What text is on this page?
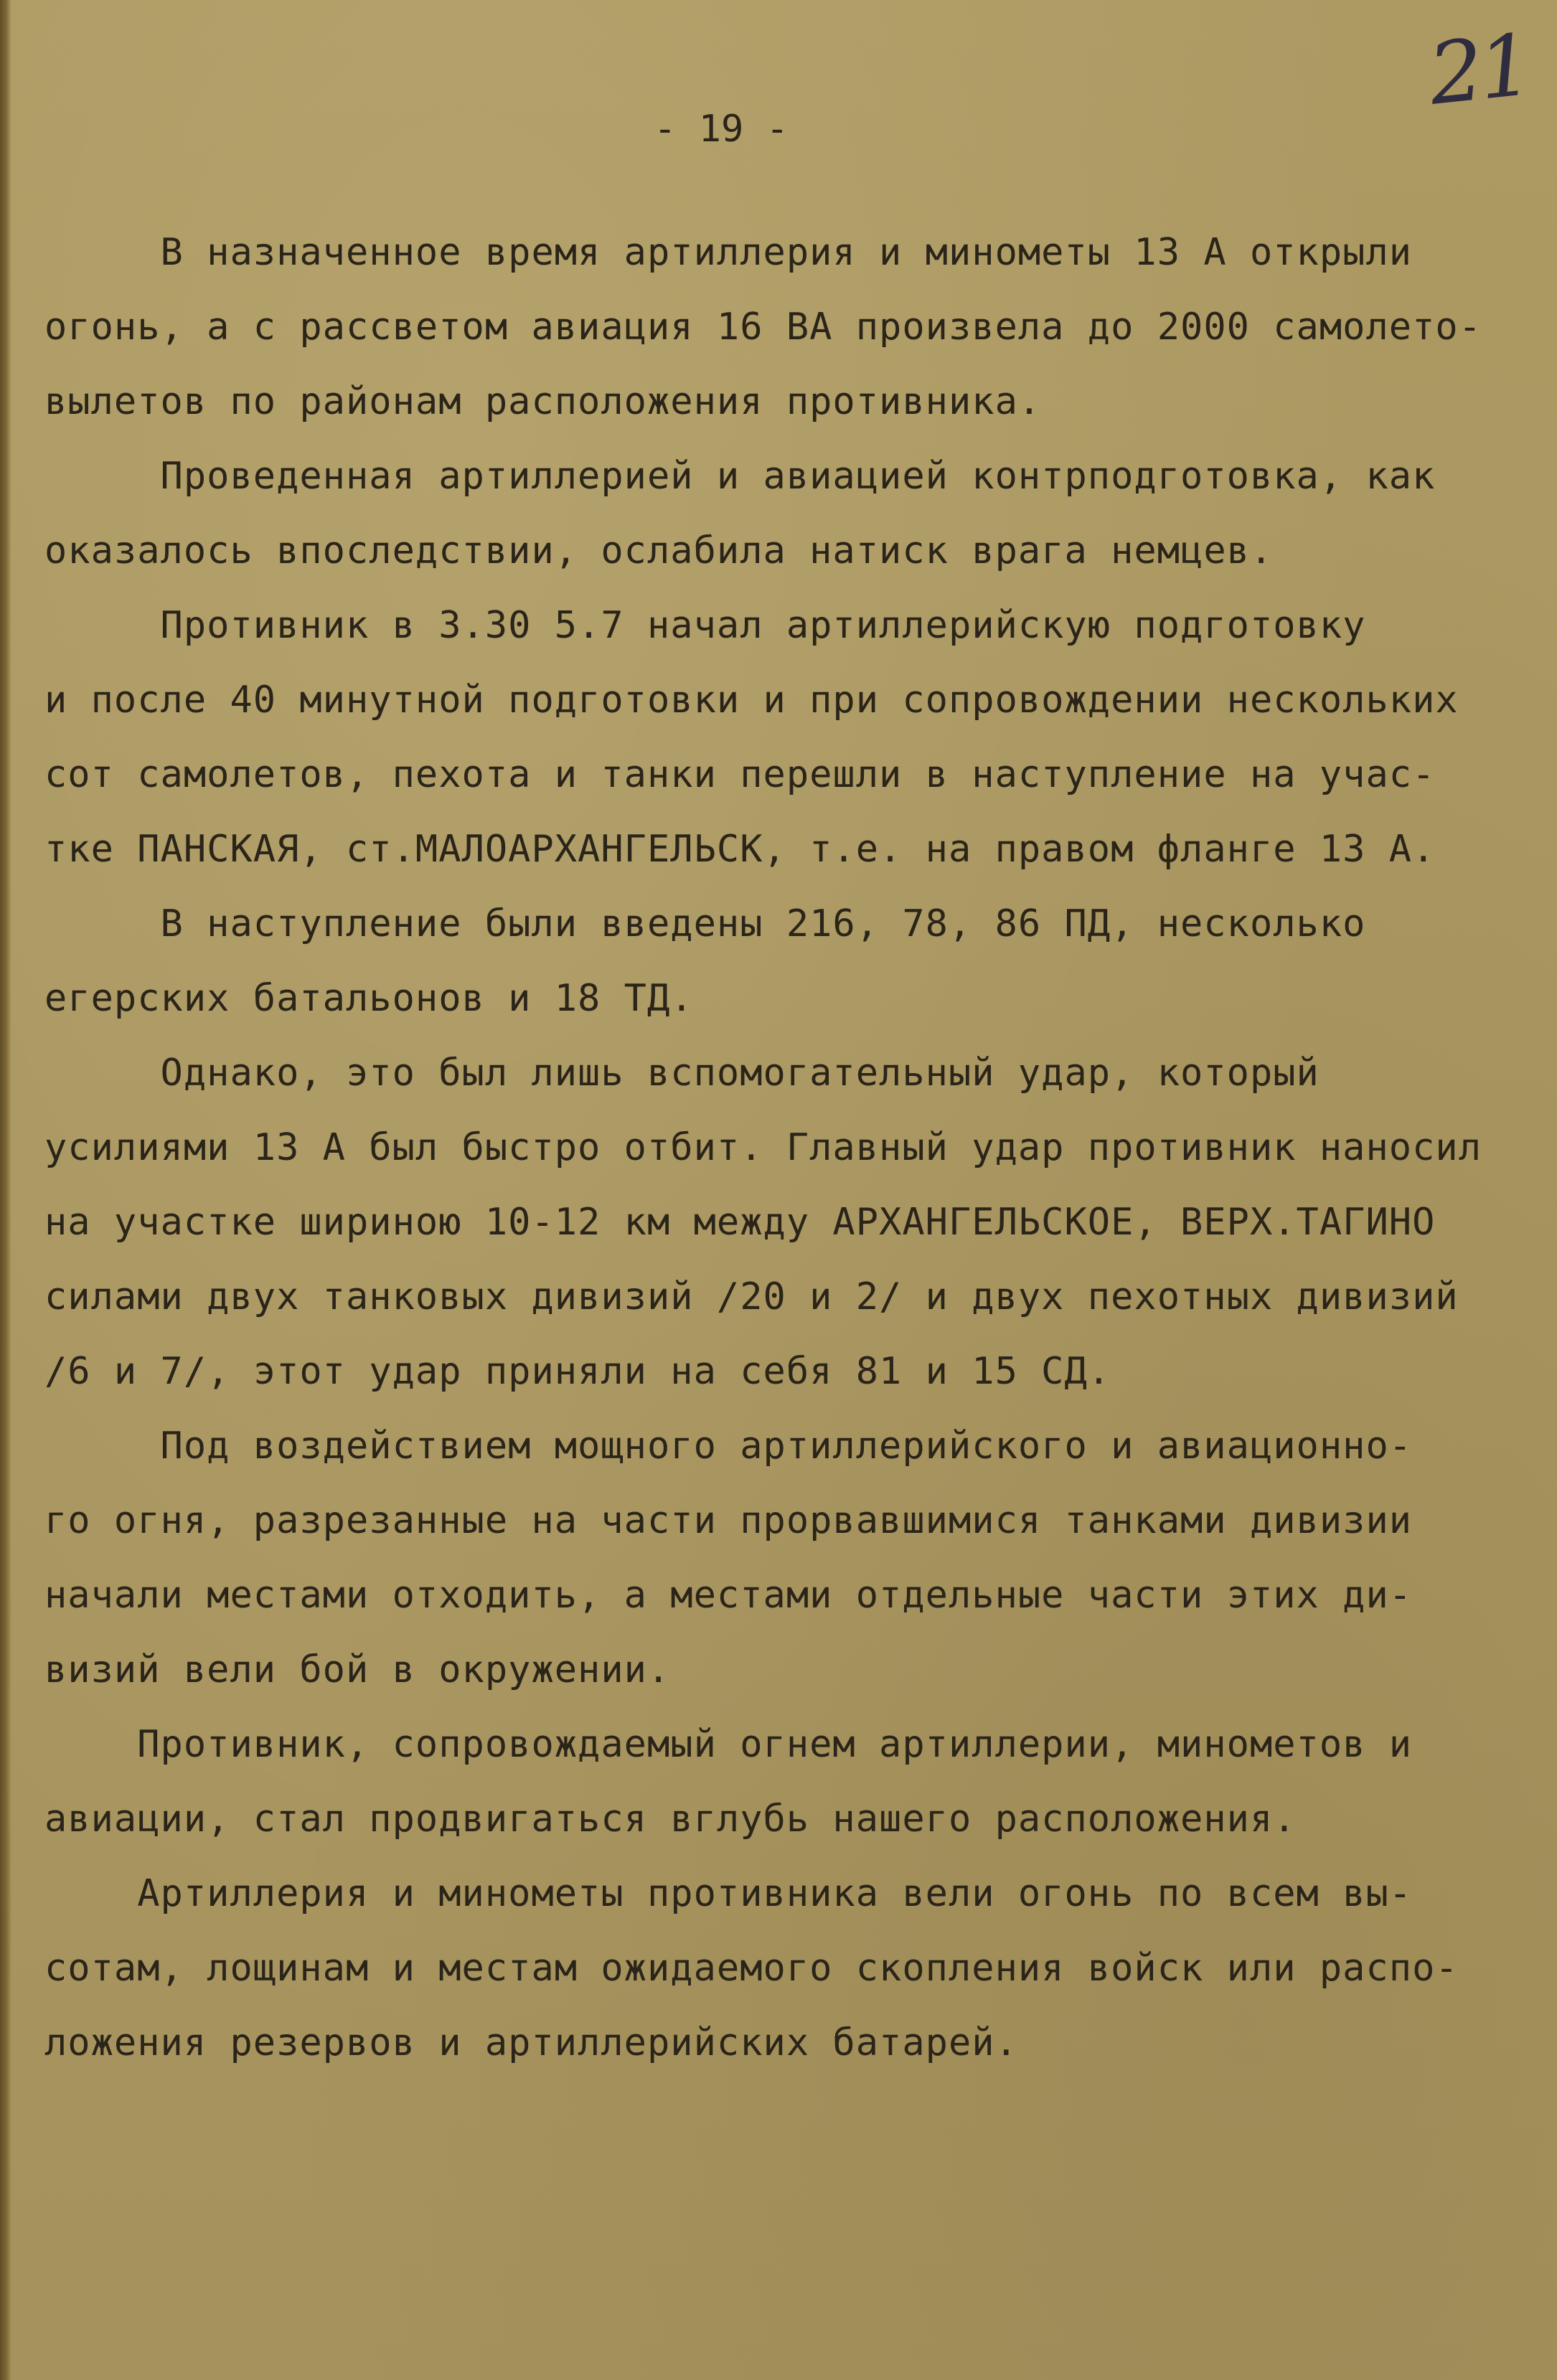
21
- 19 -
В назначенное время артиллерия и минометы 13 А открыли
огонь, а с рассветом авиация 16 ВА произвела до 2000 самолето-
вылетов по районам расположения противника.
Проведенная артиллерией и авиацией контрподготовка, как
оказалось впоследствии, ослабила натиск врага немцев.
Противник в 3.30 5.7 начал артиллерийскую подготовку
и после 40 минутной подготовки и при сопровождении нескольких
сот самолетов, пехота и танки перешли в наступление на учас-
тке ПАНСКАЯ, ст.МАЛОАРХАНГЕЛЬСК, т.е. на правом фланге 13 А.
В наступление были введены 216, 78, 86 ПД, несколько
егерских батальонов и 18 ТД.
Однако, это был лишь вспомогательный удар, который
усилиями 13 А был быстро отбит. Главный удар противник наносил
на участке шириною 10-12 км между АРХАНГЕЛЬСКОЕ, ВЕРХ.ТАГИНО
силами двух танковых дивизий /20 и 2/ и двух пехотных дивизий
/6 и 7/, этот удар приняли на себя 81 и 15 СД.
Под воздействием мощного артиллерийского и авиационно-
го огня, разрезанные на части прорвавшимися танками дивизии
начали местами отходить, а местами отдельные части этих ди-
визий вели бой в окружении.
Противник, сопровождаемый огнем артиллерии, минометов и
авиации, стал продвигаться вглубь нашего расположения.
Артиллерия и минометы противника вели огонь по всем вы-
сотам, лощинам и местам ожидаемого скопления войск или распо-
ложения резервов и артиллерийских батарей.
